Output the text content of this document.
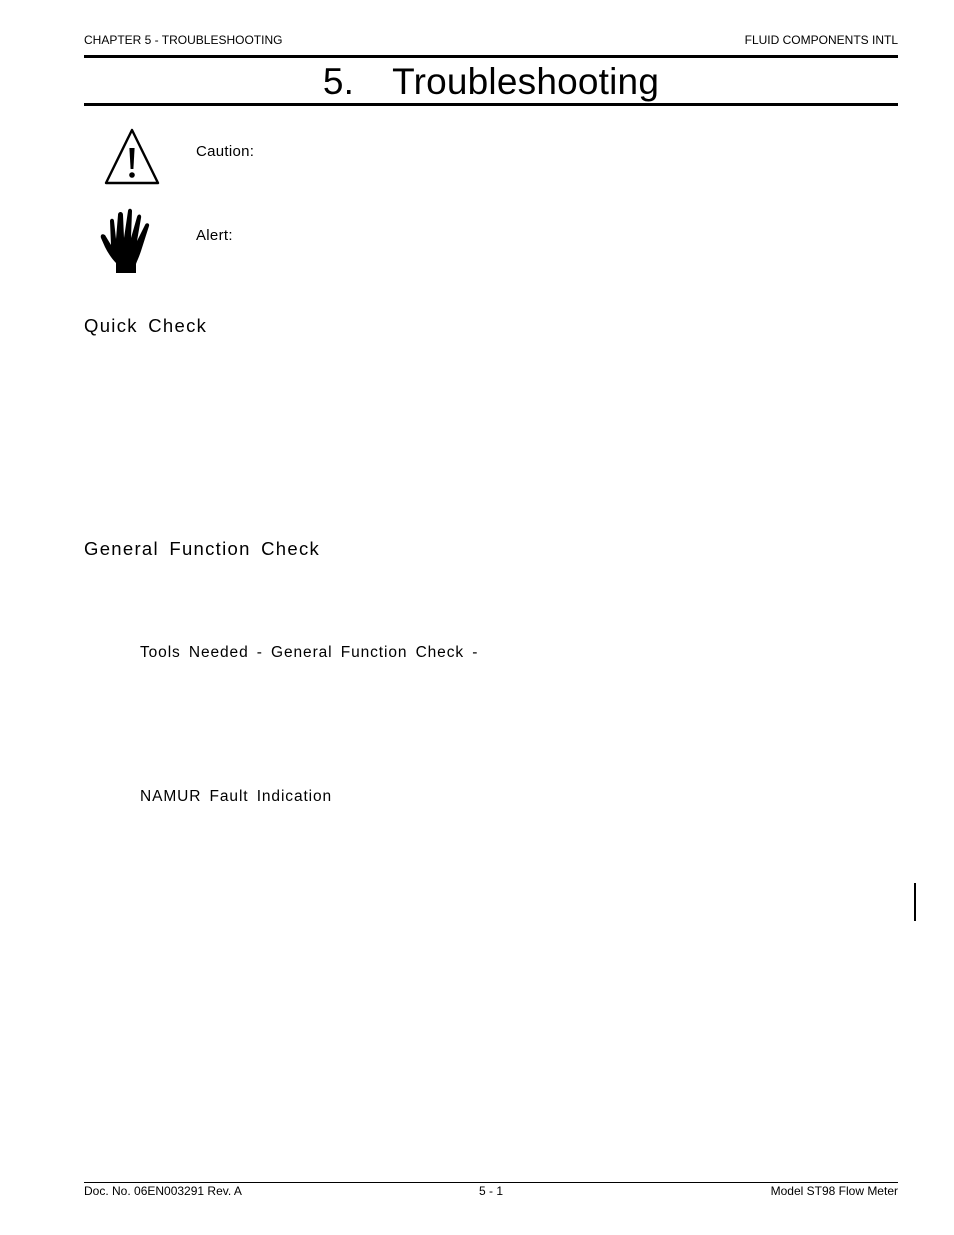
CHAPTER 5 - TROUBLESHOOTING	FLUID COMPONENTS INTL
5. Troubleshooting
Caution:
Alert:
Quick Check
General Function Check
Tools Needed - General Function Check -
NAMUR Fault Indication
Doc. No. 06EN003291 Rev. A	5 - 1	Model ST98 Flow Meter
